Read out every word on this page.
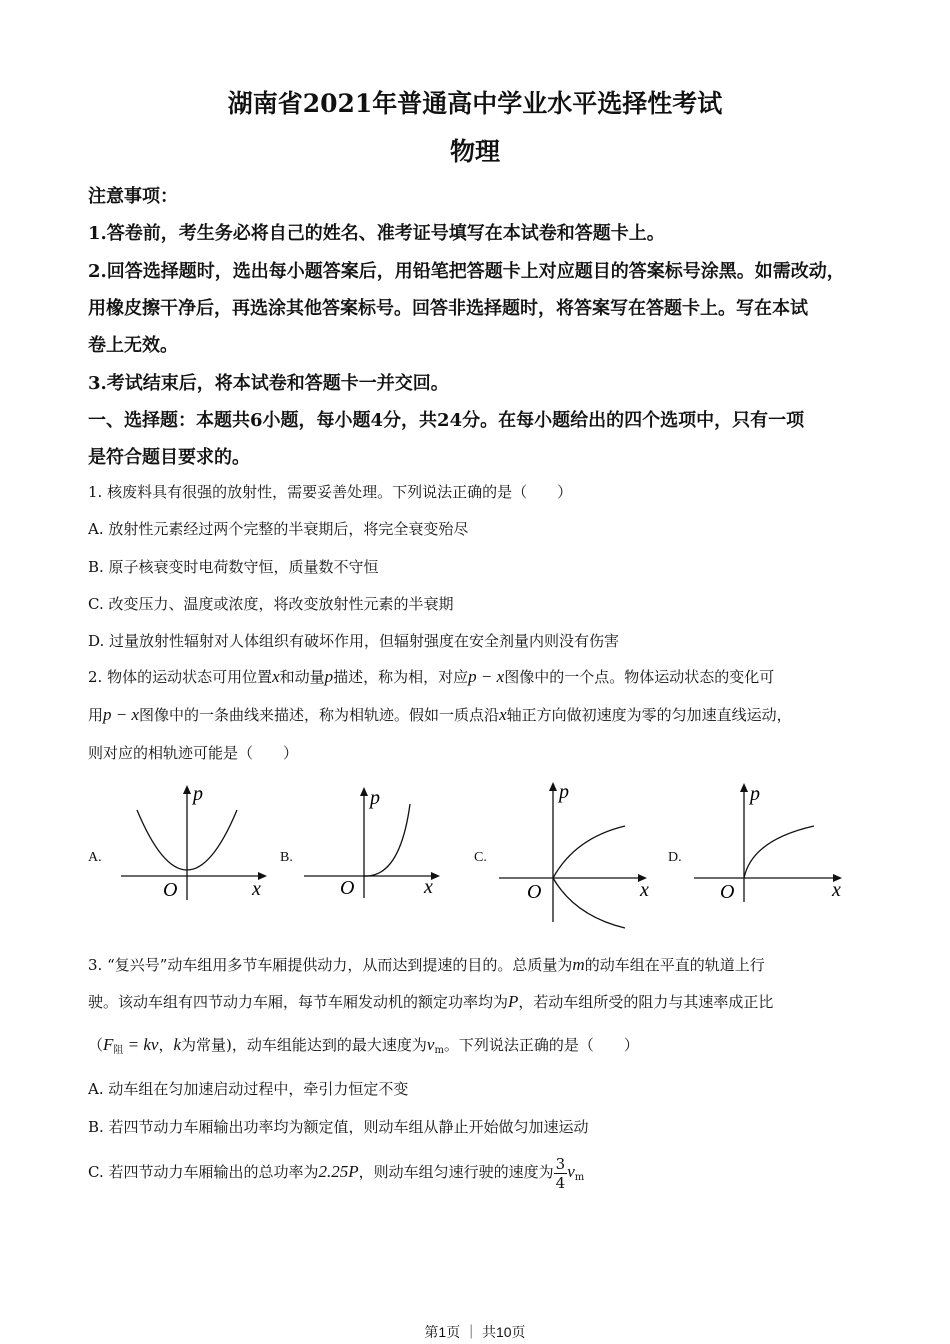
湖南省2021年普通高中学业水平选择性考试
物理
注意事项：
1.答卷前，考生务必将自己的姓名、准考证号填写在本试卷和答题卡上。
2.回答选择题时，选出每小题答案后，用铅笔把答题卡上对应题目的答案标号涂黑。如需改动，
用橡皮擦干净后，再选涂其他答案标号。回答非选择题时，将答案写在答题卡上。写在本试
卷上无效。
3.考试结束后，将本试卷和答题卡一并交回。
一、选择题：本题共6小题，每小题4分，共24分。在每小题给出的四个选项中，只有一项
是符合题目要求的。
1. 核废料具有很强的放射性，需要妥善处理。下列说法正确的是（　　）
A. 放射性元素经过两个完整的半衰期后，将完全衰变殆尽
B. 原子核衰变时电荷数守恒，质量数不守恒
C. 改变压力、温度或浓度，将改变放射性元素的半衰期
D. 过量放射性辐射对人体组织有破坏作用，但辐射强度在安全剂量内则没有伤害
2. 物体的运动状态可用位置x和动量p描述，称为相，对应p − x图像中的一个点。物体运动状态的变化可
用p − x图像中的一条曲线来描述，称为相轨迹。假如一质点沿x轴正方向做初速度为零的匀加速直线运动，
则对应的相轨迹可能是（　　）
A.
p
x
O
B.
p
x
O
C.
p
x
O
D.
p
x
O
3. “复兴号”动车组用多节车厢提供动力，从而达到提速的目的。总质量为m的动车组在平直的轨道上行
驶。该动车组有四节动力车厢，每节车厢发动机的额定功率均为P，若动车组所受的阻力与其速率成正比
（$F_阻$ = kv，k为常量)，动车组能达到的最大速度为$v_m$。下列说法正确的是（　　）
A. 动车组在匀加速启动过程中，牵引力恒定不变
B. 若四节动力车厢输出功率均为额定值，则动车组从静止开始做匀加速运动
C. 若四节动力车厢输出的总功率为2.25P，则动车组匀速行驶的速度为 $\frac{3}{4} v_m$
第1页 ｜ 共10页
